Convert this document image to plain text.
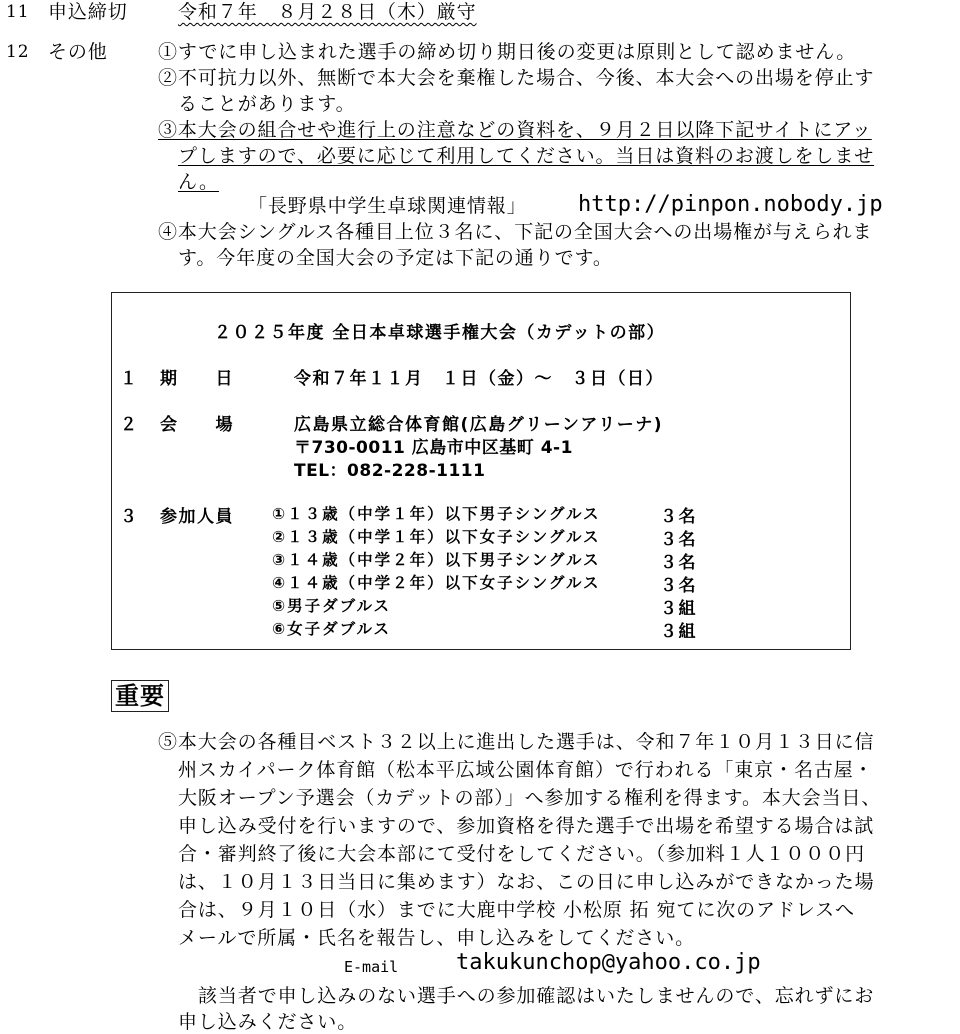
11 申込締切	令和７年　８月２８日（木）厳守
12 その他	①すでに申し込まれた選手の締め切り期日後の変更は原則として認めません。
②不可抗力以外、無断で本大会を棄権した場合、今後、本大会への出場を停止す
ることがあります。
③本大会の組合せや進行上の注意などの資料を、９月２日以降下記サイトにアッ
プしますので、必要に応じて利用してください。当日は資料のお渡しをしませ
ん。
「長野県中学生卓球関連情報」 http://pinpon.nobody.jp
④本大会シングルス各種目上位３名に、下記の全国大会への出場権が与えられま
す。今年度の全国大会の予定は下記の通りです。
２０２５年度 全日本卓球選手権大会（カデットの部）
１ 期　　日	令和７年１１月　１日（金）～　３日（日）
２ 会　　場	広島県立総合体育館(広島グリーンアリーナ)
〒730-0011 広島市中区基町 4-1
TEL：082-228-1111
３ 参加人員 ①１３歳（中学１年）以下男子シングルス	３名
②１３歳（中学１年）以下女子シングルス	３名
③１４歳（中学２年）以下男子シングルス	３名
④１４歳（中学２年）以下女子シングルス	３名
⑤男子ダブルス	３組
⑥女子ダブルス	３組
重要
⑤本大会の各種目ベスト３２以上に進出した選手は、令和７年１０月１３日に信
州スカイパーク体育館（松本平広域公園体育館）で行われる「東京・名古屋・
大阪オープン予選会（カデットの部）」へ参加する権利を得ます。本大会当日、
申し込み受付を行いますので、参加資格を得た選手で出場を希望する場合は試
合・審判終了後に大会本部にて受付をしてください。（参加料１人１０００円
は、１０月１３日当日に集めます）なお、この日に申し込みができなかった場
合は、９月１０日（水）までに大鹿中学校 小松原 拓 宛てに次のアドレスへ
メールで所属・氏名を報告し、申し込みをしてください。
E-mail	takukunchop@yahoo.co.jp
該当者で申し込みのない選手への参加確認はいたしませんので、忘れずにお
申し込みください。
